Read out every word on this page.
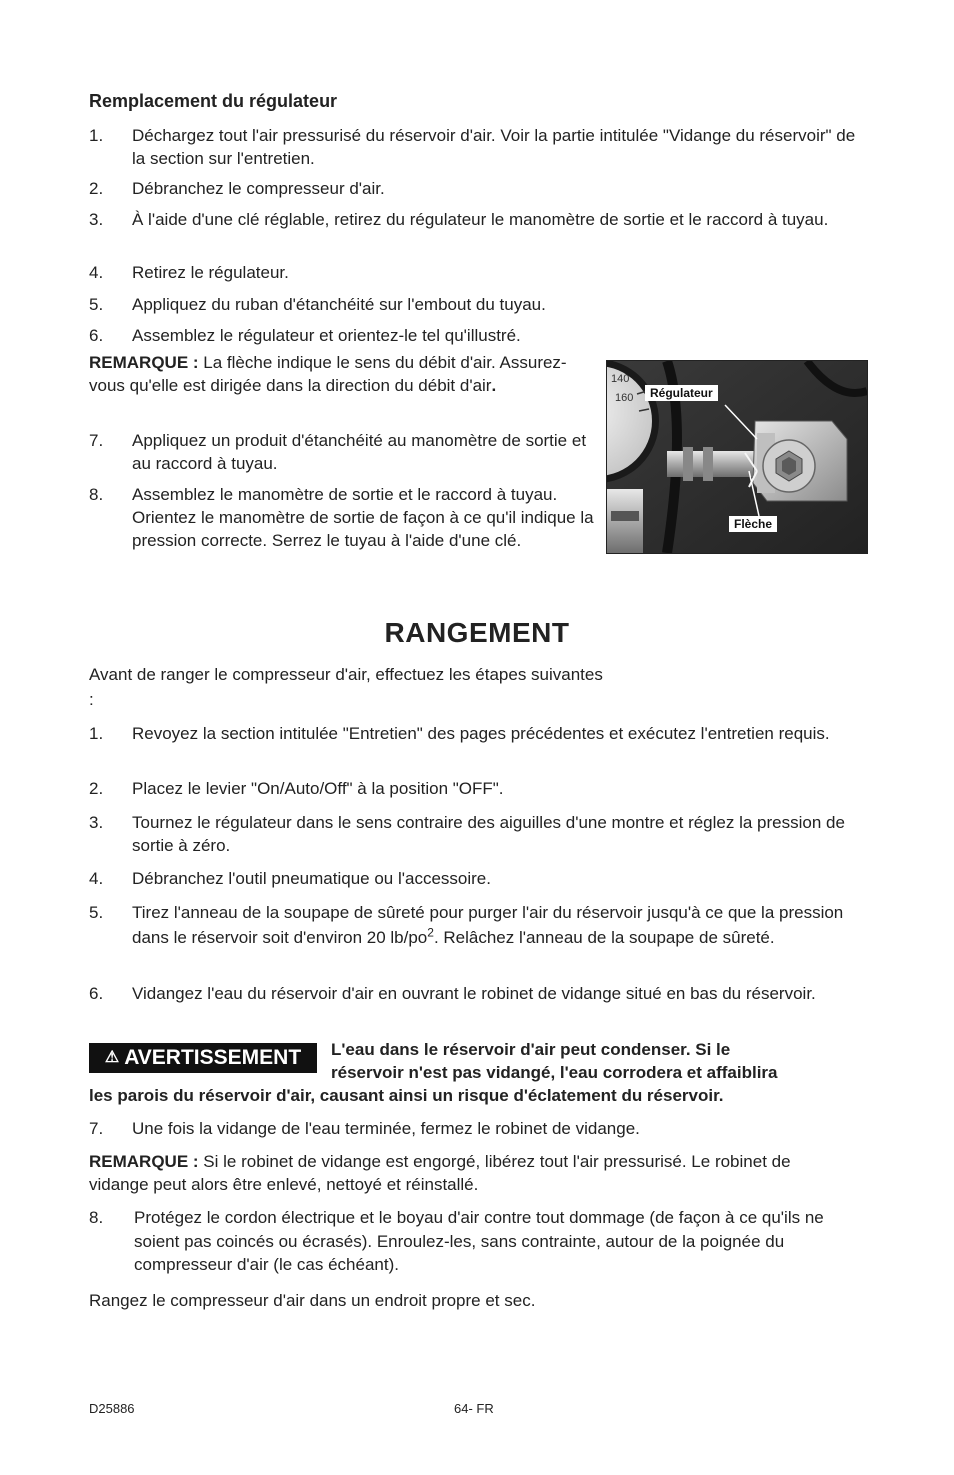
Remplacement du régulateur
1. Déchargez tout l'air pressurisé du réservoir d'air. Voir la partie intitulée "Vidange du réservoir" de la section sur l'entretien.
2. Débranchez le compresseur d'air.
3. À l'aide d'une clé réglable, retirez du régulateur le manomètre de sortie et le raccord à tuyau.
4. Retirez le régulateur.
5. Appliquez du ruban d'étanchéité sur l'embout du tuyau.
6. Assemblez le régulateur et orientez-le tel qu'illustré.
REMARQUE : La flèche indique le sens du débit d'air. Assurez-vous qu'elle est dirigée dans la direction du débit d'air.
7. Appliquez un produit d'étanchéité au manomètre de sortie et au raccord à tuyau.
8. Assemblez le manomètre de sortie et le raccord à tuyau. Orientez le manomètre de sortie de façon à ce qu'il indique la pression correcte. Serrez le tuyau à l'aide d'une clé.
140
160	Régulateur
Flèche
RANGEMENT
Avant de ranger le compresseur d'air, effectuez les étapes suivantes :
1. Revoyez la section intitulée "Entretien" des pages précédentes et exécutez l'entretien requis.
2. Placez le levier "On/Auto/Off" à la position "OFF".
3. Tournez le régulateur dans le sens contraire des aiguilles d'une montre et réglez la pression de sortie à zéro.
4. Débranchez l'outil pneumatique ou l'accessoire.
5. Tirez l'anneau de la soupape de sûreté pour purger l'air du réservoir jusqu'à ce que la pression dans le réservoir soit d'environ 20 $lb/po^2$. Relâchez l'anneau de la soupape de sûreté.
6. Vidangez l'eau du réservoir d'air en ouvrant le robinet de vidange situé en bas du réservoir.
⚠ AVERTISSEMENT L'eau dans le réservoir d'air peut condenser. Si le
réservoir n'est pas vidangé, l'eau corrodera et affaiblira
les parois du réservoir d'air, causant ainsi un risque d'éclatement du réservoir.
7. Une fois la vidange de l'eau terminée, fermez le robinet de vidange.
REMARQUE : Si le robinet de vidange est engorgé, libérez tout l'air pressurisé. Le robinet de vidange peut alors être enlevé, nettoyé et réinstallé.
8. Protégez le cordon électrique et le boyau d'air contre tout dommage (de façon à ce qu'ils ne soient pas coincés ou écrasés). Enroulez-les, sans contrainte, autour de la poignée du compresseur d'air (le cas échéant).
Rangez le compresseur d'air dans un endroit propre et sec.
D25886	64- FR
